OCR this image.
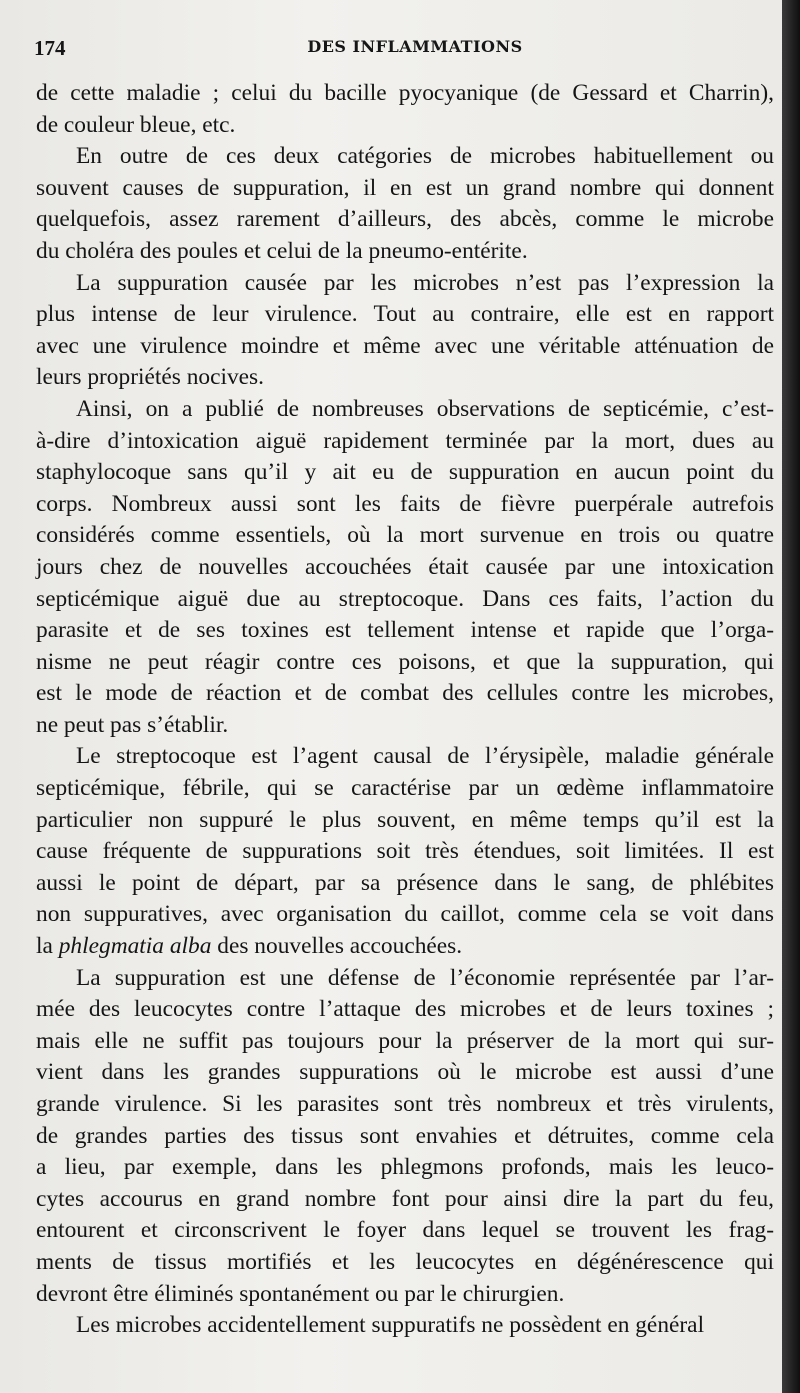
174	DES INFLAMMATIONS
de cette maladie ; celui du bacille pyocyanique (de Gessard et Charrin),
de couleur bleue, etc.
En outre de ces deux catégories de microbes habituellement ou
souvent causes de suppuration, il en est un grand nombre qui donnent
quelquefois, assez rarement d’ailleurs, des abcès, comme le microbe
du choléra des poules et celui de la pneumo-entérite.
La suppuration causée par les microbes n’est pas l’expression la
plus intense de leur virulence. Tout au contraire, elle est en rapport
avec une virulence moindre et même avec une véritable atténuation de
leurs propriétés nocives.
Ainsi, on a publié de nombreuses observations de septicémie, c’est-
à-dire d’intoxication aiguë rapidement terminée par la mort, dues au
staphylocoque sans qu’il y ait eu de suppuration en aucun point du
corps. Nombreux aussi sont les faits de fièvre puerpérale autrefois
considérés comme essentiels, où la mort survenue en trois ou quatre
jours chez de nouvelles accouchées était causée par une intoxication
septicémique aiguë due au streptocoque. Dans ces faits, l’action du
parasite et de ses toxines est tellement intense et rapide que l’orga-
nisme ne peut réagir contre ces poisons, et que la suppuration, qui
est le mode de réaction et de combat des cellules contre les microbes,
ne peut pas s’établir.
Le streptocoque est l’agent causal de l’érysipèle, maladie générale
septicémique, fébrile, qui se caractérise par un œdème inflammatoire
particulier non suppuré le plus souvent, en même temps qu’il est la
cause fréquente de suppurations soit très étendues, soit limitées. Il est
aussi le point de départ, par sa présence dans le sang, de phlébites
non suppuratives, avec organisation du caillot, comme cela se voit dans
la phlegmatia alba des nouvelles accouchées.
La suppuration est une défense de l’économie représentée par l’ar-
mée des leucocytes contre l’attaque des microbes et de leurs toxines ;
mais elle ne suffit pas toujours pour la préserver de la mort qui sur-
vient dans les grandes suppurations où le microbe est aussi d’une
grande virulence. Si les parasites sont très nombreux et très virulents,
de grandes parties des tissus sont envahies et détruites, comme cela
a lieu, par exemple, dans les phlegmons profonds, mais les leuco-
cytes accourus en grand nombre font pour ainsi dire la part du feu,
entourent et circonscrivent le foyer dans lequel se trouvent les frag-
ments de tissus mortifiés et les leucocytes en dégénérescence qui
devront être éliminés spontanément ou par le chirurgien.
Les microbes accidentellement suppuratifs ne possèdent en général
